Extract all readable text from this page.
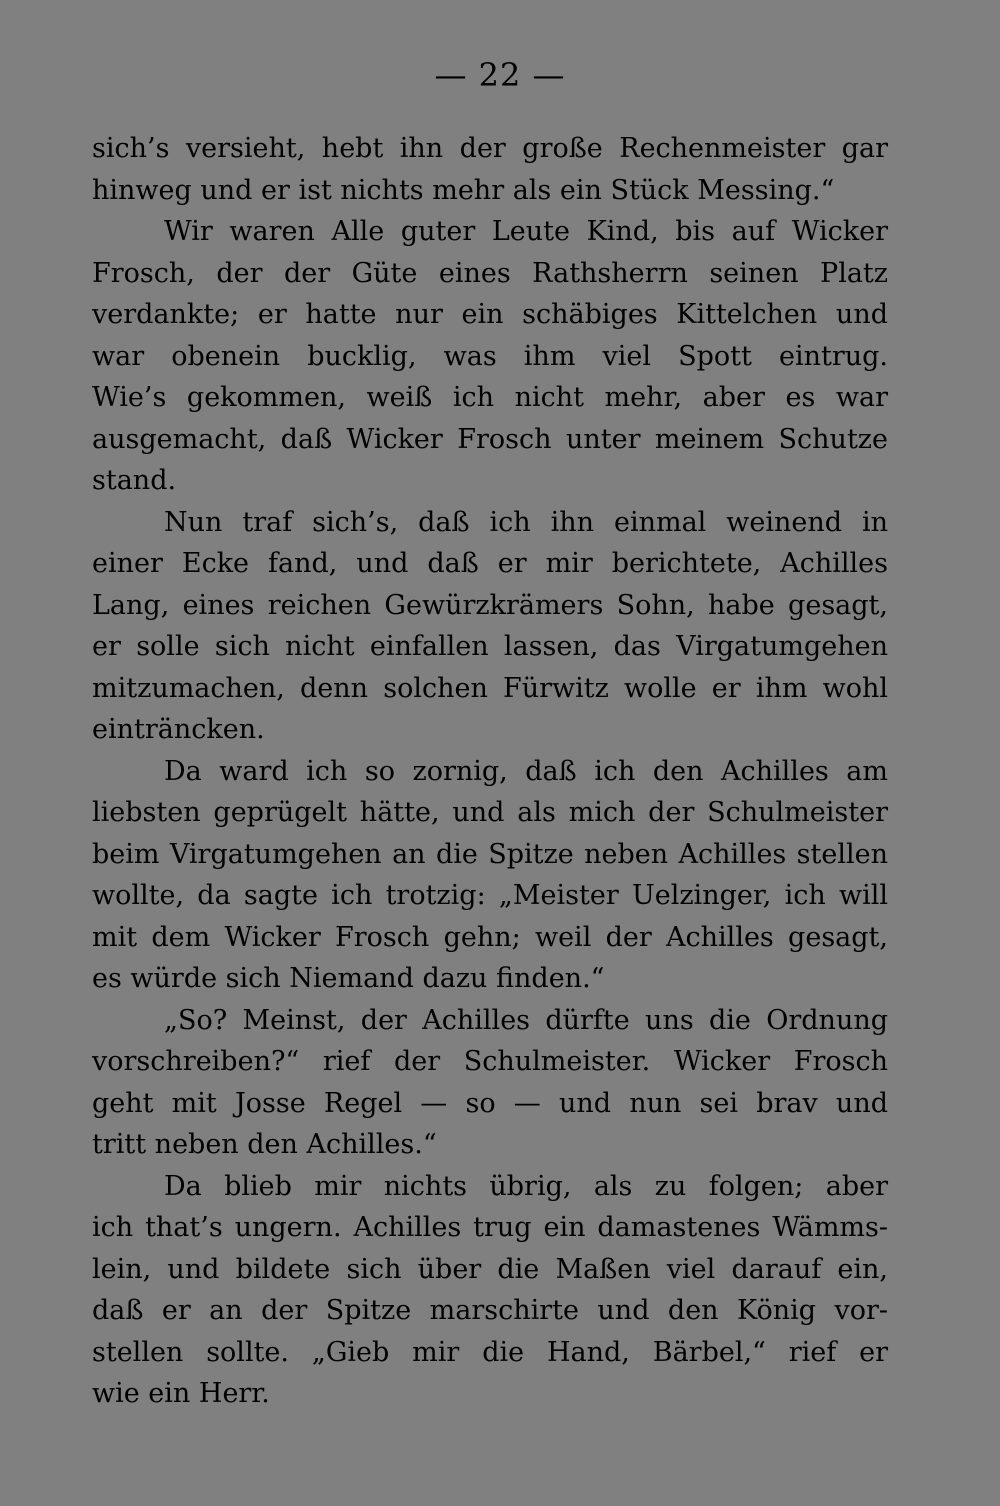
— 22 —
sich’s versieht, hebt ihn der große Rechenmeister gar
hinweg und er ist nichts mehr als ein Stück Messing.“
Wir waren Alle guter Leute Kind, bis auf Wicker
Frosch, der der Güte eines Rathsherrn seinen Platz
verdankte; er hatte nur ein schäbiges Kittelchen und
war obenein bucklig, was ihm viel Spott eintrug.
Wie’s gekommen, weiß ich nicht mehr, aber es war
ausgemacht, daß Wicker Frosch unter meinem Schutze
stand.
Nun traf sich’s, daß ich ihn einmal weinend in
einer Ecke fand, und daß er mir berichtete, Achilles
Lang, eines reichen Gewürzkrämers Sohn, habe gesagt,
er solle sich nicht einfallen lassen, das Virgatumgehen
mitzumachen, denn solchen Fürwitz wolle er ihm wohl
einträncken.
Da ward ich so zornig, daß ich den Achilles am
liebsten geprügelt hätte, und als mich der Schulmeister
beim Virgatumgehen an die Spitze neben Achilles stellen
wollte, da sagte ich trotzig: „Meister Uelzinger, ich will
mit dem Wicker Frosch gehn; weil der Achilles gesagt,
es würde sich Niemand dazu finden.“
„So? Meinst, der Achilles dürfte uns die Ordnung
vorschreiben?“ rief der Schulmeister. Wicker Frosch
geht mit Josse Regel — so — und nun sei brav und
tritt neben den Achilles.“
Da blieb mir nichts übrig, als zu folgen; aber
ich that’s ungern. Achilles trug ein damastenes Wämms-
lein, und bildete sich über die Maßen viel darauf ein,
daß er an der Spitze marschirte und den König vor-
stellen sollte. „Gieb mir die Hand, Bärbel,“ rief er
wie ein Herr.
